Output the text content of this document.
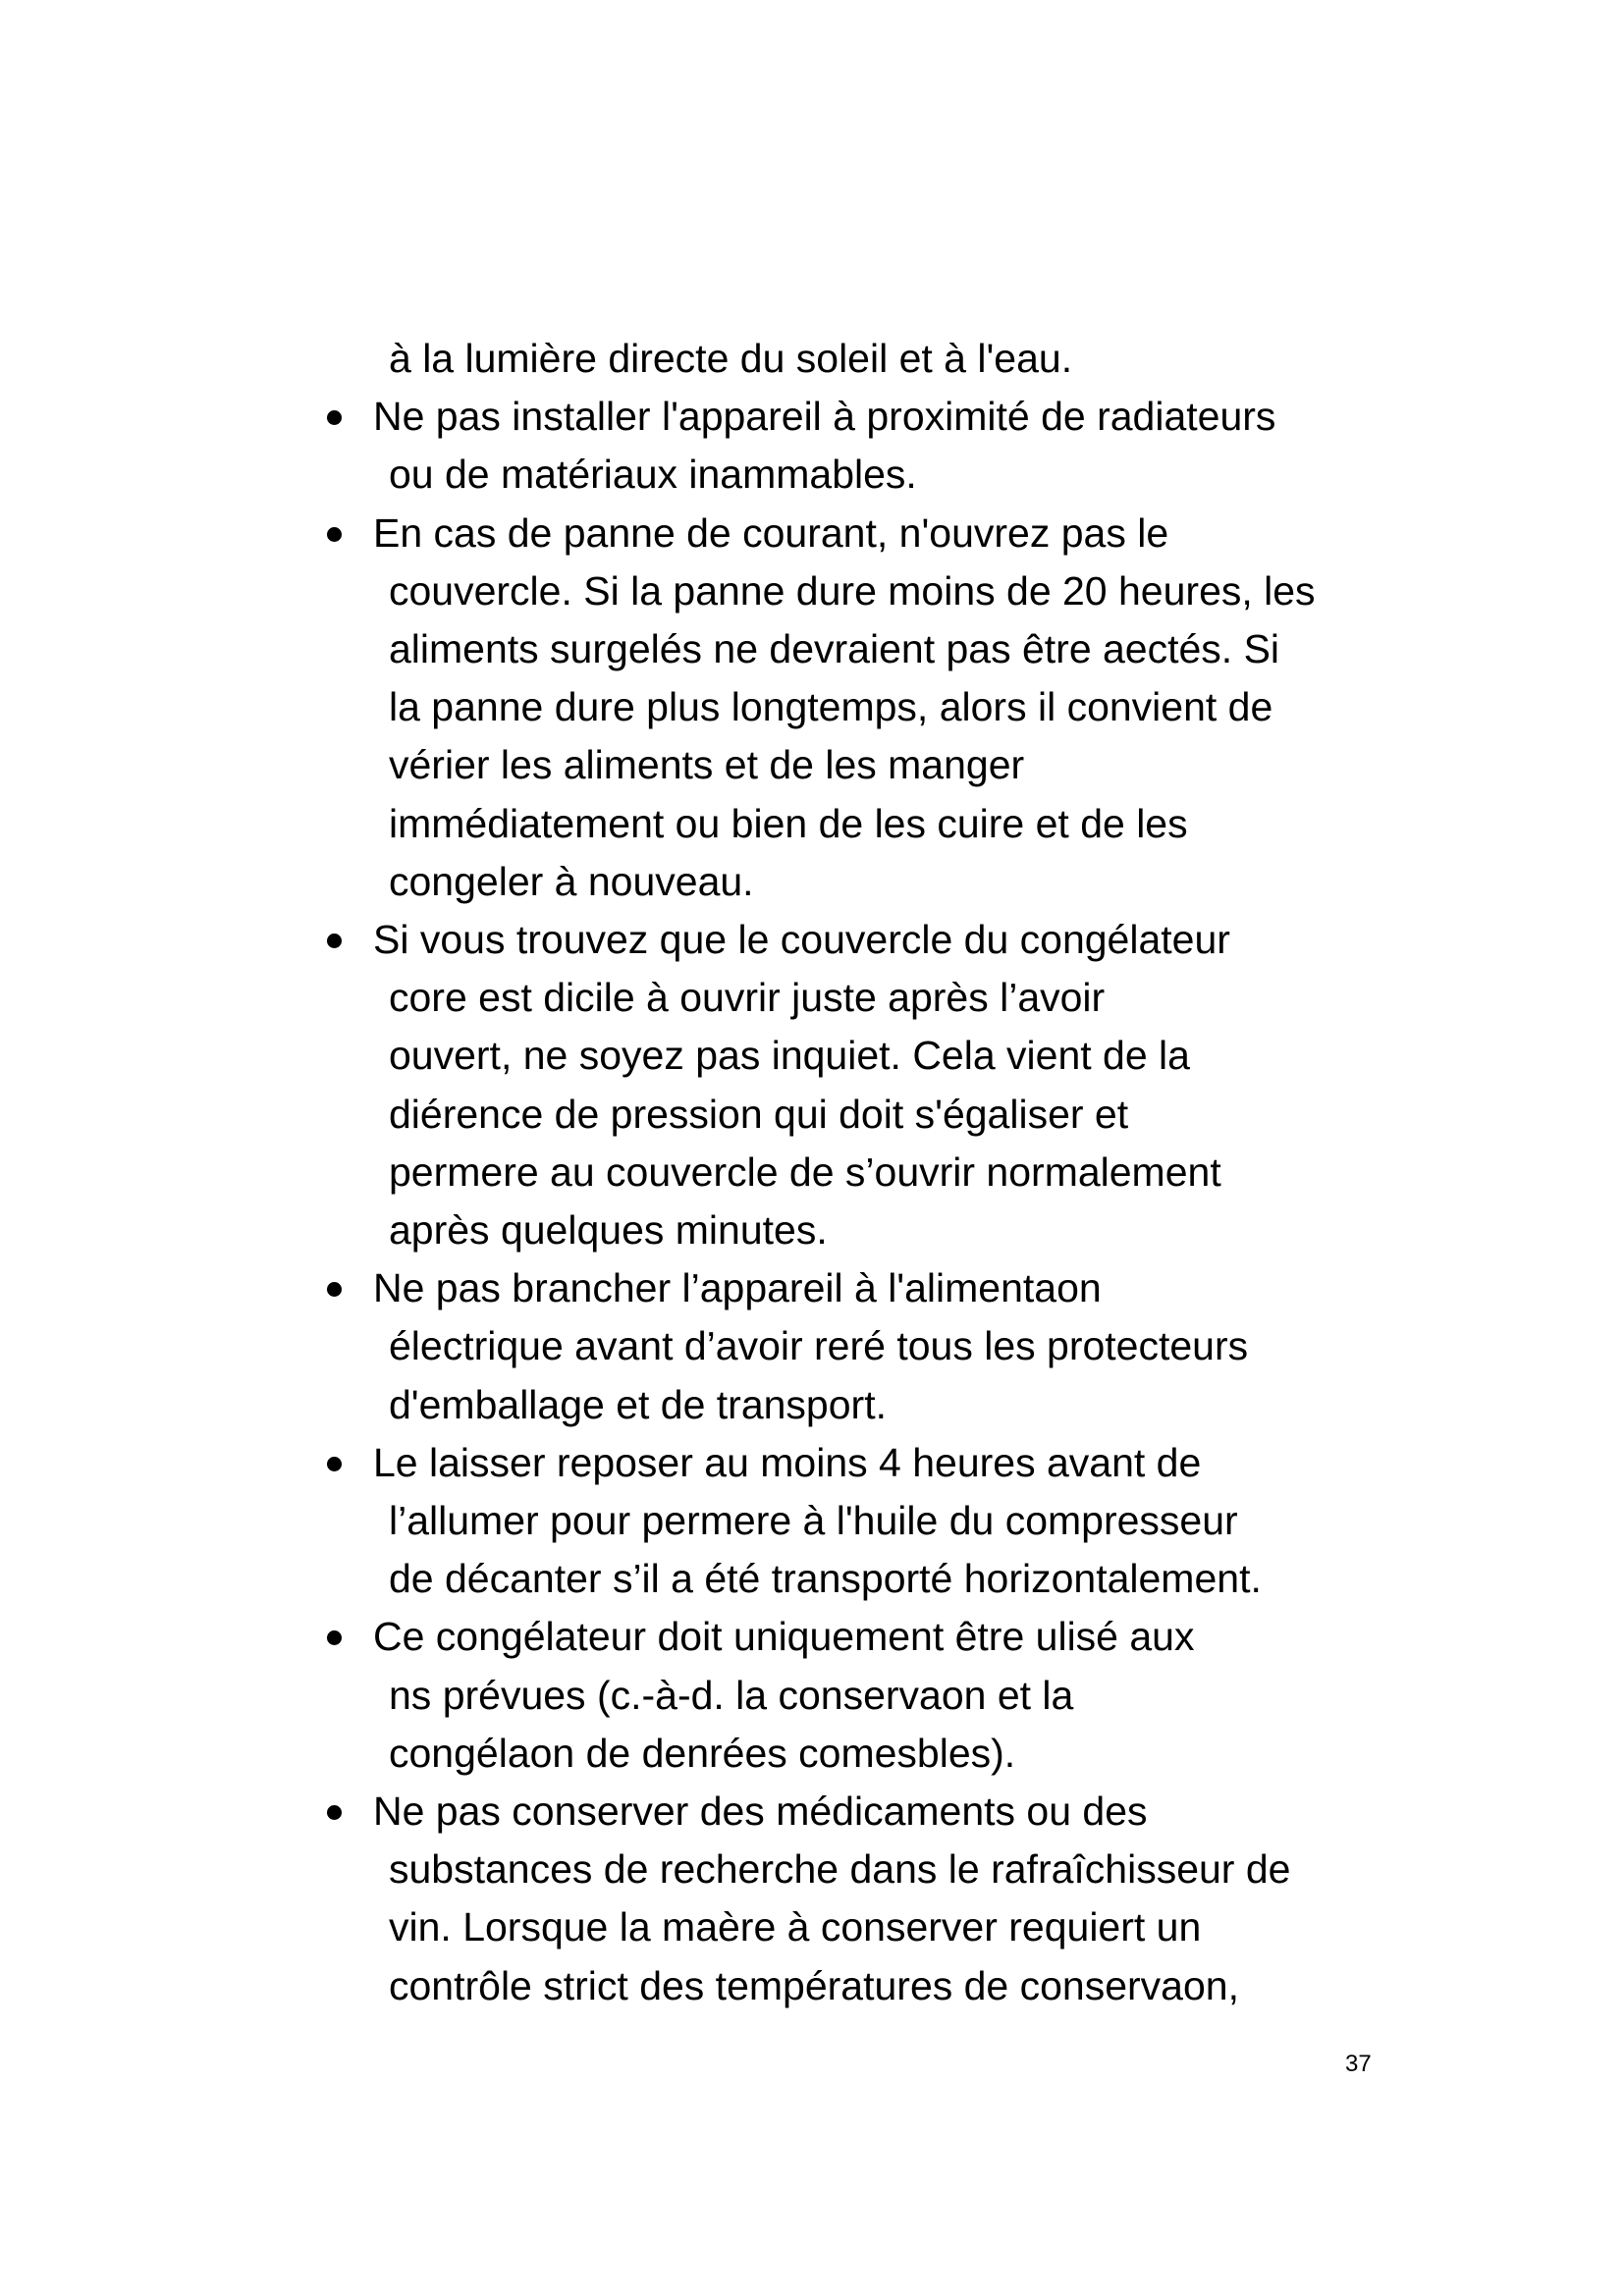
à la lumière directe du soleil et à l'eau.
Ne pas installer l'appareil à proximité de radiateurs
ou de matériaux inammables.
En cas de panne de courant, n'ouvrez pas le
couvercle. Si la panne dure moins de 20 heures, les
aliments surgelés ne devraient pas être aectés. Si
la panne dure plus longtemps, alors il convient de
vérier les aliments et de les manger
immédiatement ou bien de les cuire et de les
congeler à nouveau.
Si vous trouvez que le couvercle du congélateur
core est dicile à ouvrir juste après l’avoir
ouvert, ne soyez pas inquiet. Cela vient de la
diérence de pression qui doit s'égaliser et
permere au couvercle de s’ouvrir normalement
après quelques minutes.
Ne pas brancher l’appareil à l'alimentaon
électrique avant d’avoir reré tous les protecteurs
d'emballage et de transport.
Le laisser reposer au moins 4 heures avant de
l’allumer pour permere à l'huile du compresseur
de décanter s’il a été transporté horizontalement.
Ce congélateur doit uniquement être ulisé aux
ns prévues (c.-à-d. la conservaon et la
congélaon de denrées comesbles).
Ne pas conserver des médicaments ou des
substances de recherche dans le rafraîchisseur de
vin. Lorsque la maère à conserver requiert un
contrôle strict des températures de conservaon,
37
